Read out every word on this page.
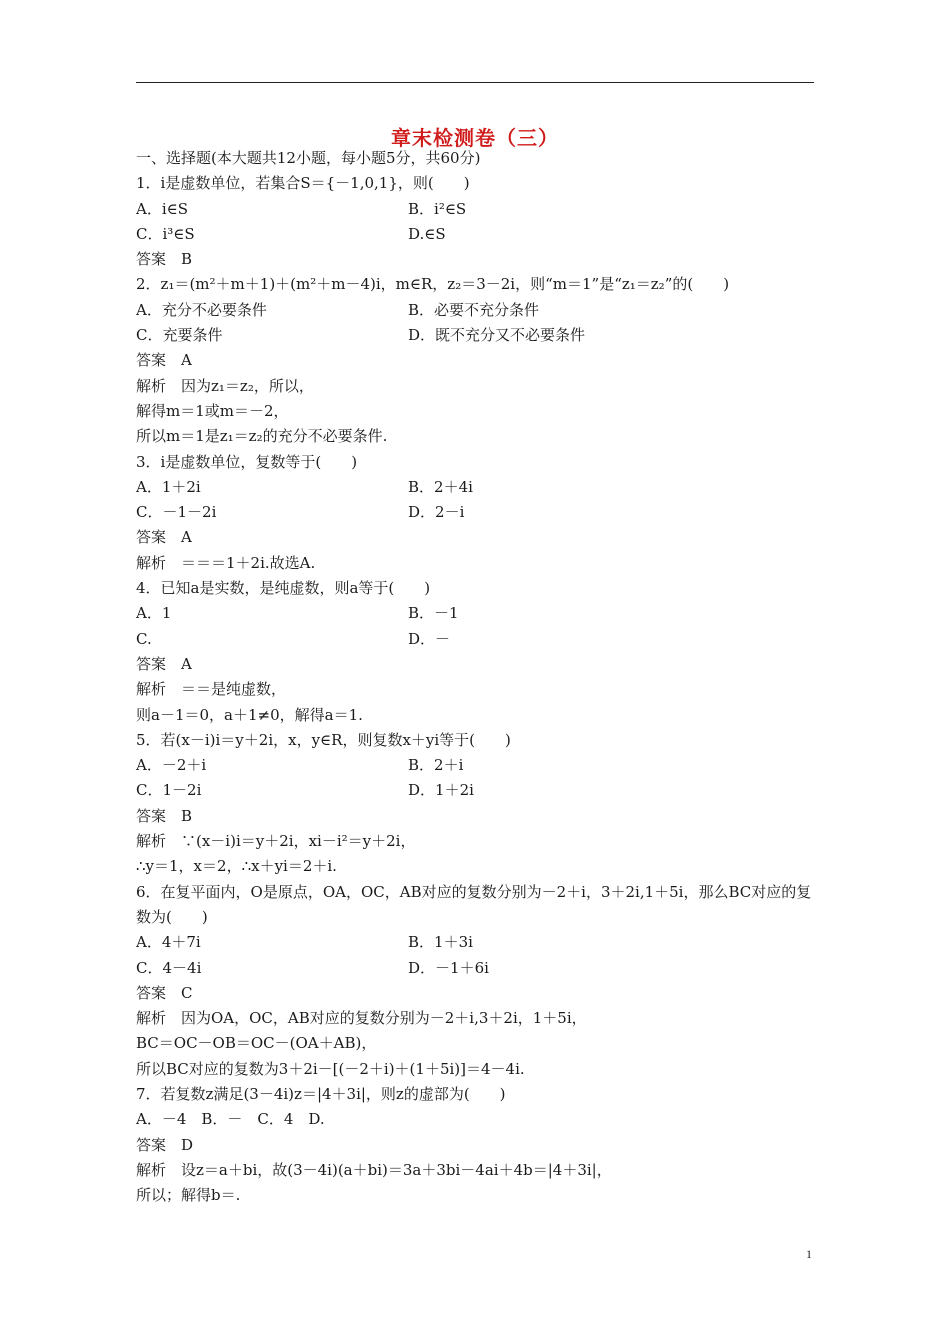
章末检测卷（三）
一、选择题(本大题共12小题，每小题5分，共60分)
1．i是虚数单位，若集合S＝{－1,0,1}，则(　　)
A．i∈S	B．i²∈S
C．i³∈S	D.∈S
答案　B
2．z₁＝(m²＋m＋1)＋(m²＋m－4)i，m∈R，z₂＝3－2i，则“m＝1”是“z₁＝z₂”的(　　)
A．充分不必要条件	B．必要不充分条件
C．充要条件	D．既不充分又不必要条件
答案　A
解析　因为z₁＝z₂，所以，
解得m＝1或m＝－2，
所以m＝1是z₁＝z₂的充分不必要条件.
3．i是虚数单位，复数等于(　　)
A．1＋2i	B．2＋4i
C．－1－2i	D．2－i
答案　A
解析　＝＝＝1＋2i.故选A.
4．已知a是实数，是纯虚数，则a等于(　　)
A．1	B．－1
C.	D．－
答案　A
解析　＝＝是纯虚数，
则a－1＝0，a＋1≠0，解得a＝1.
5．若(x－i)i＝y＋2i，x，y∈R，则复数x＋yi等于(　　)
A．－2＋i	B．2＋i
C．1－2i	D．1＋2i
答案　B
解析　∵(x－i)i＝y＋2i，xi－i²＝y＋2i，
∴y＝1，x＝2，∴x＋yi＝2＋i.
6．在复平面内，O是原点，OA，OC，AB对应的复数分别为－2＋i，3＋2i,1＋5i，那么BC对应的复数为(　　)
A．4＋7i	B．1＋3i
C．4－4i	D．－1＋6i
答案　C
解析　因为OA，OC，AB对应的复数分别为－2＋i,3＋2i，1＋5i，
BC＝OC－OB＝OC－(OA＋AB)，
所以BC对应的复数为3＋2i－[(－2＋i)＋(1＋5i)]＝4－4i.
7．若复数z满足(3－4i)z＝|4＋3i|，则z的虚部为(　　)
A．－4　B．－　C．4　D.
答案　D
解析　设z＝a＋bi，故(3－4i)(a＋bi)＝3a＋3bi－4ai＋4b＝|4＋3i|，
所以；解得b＝.
1
